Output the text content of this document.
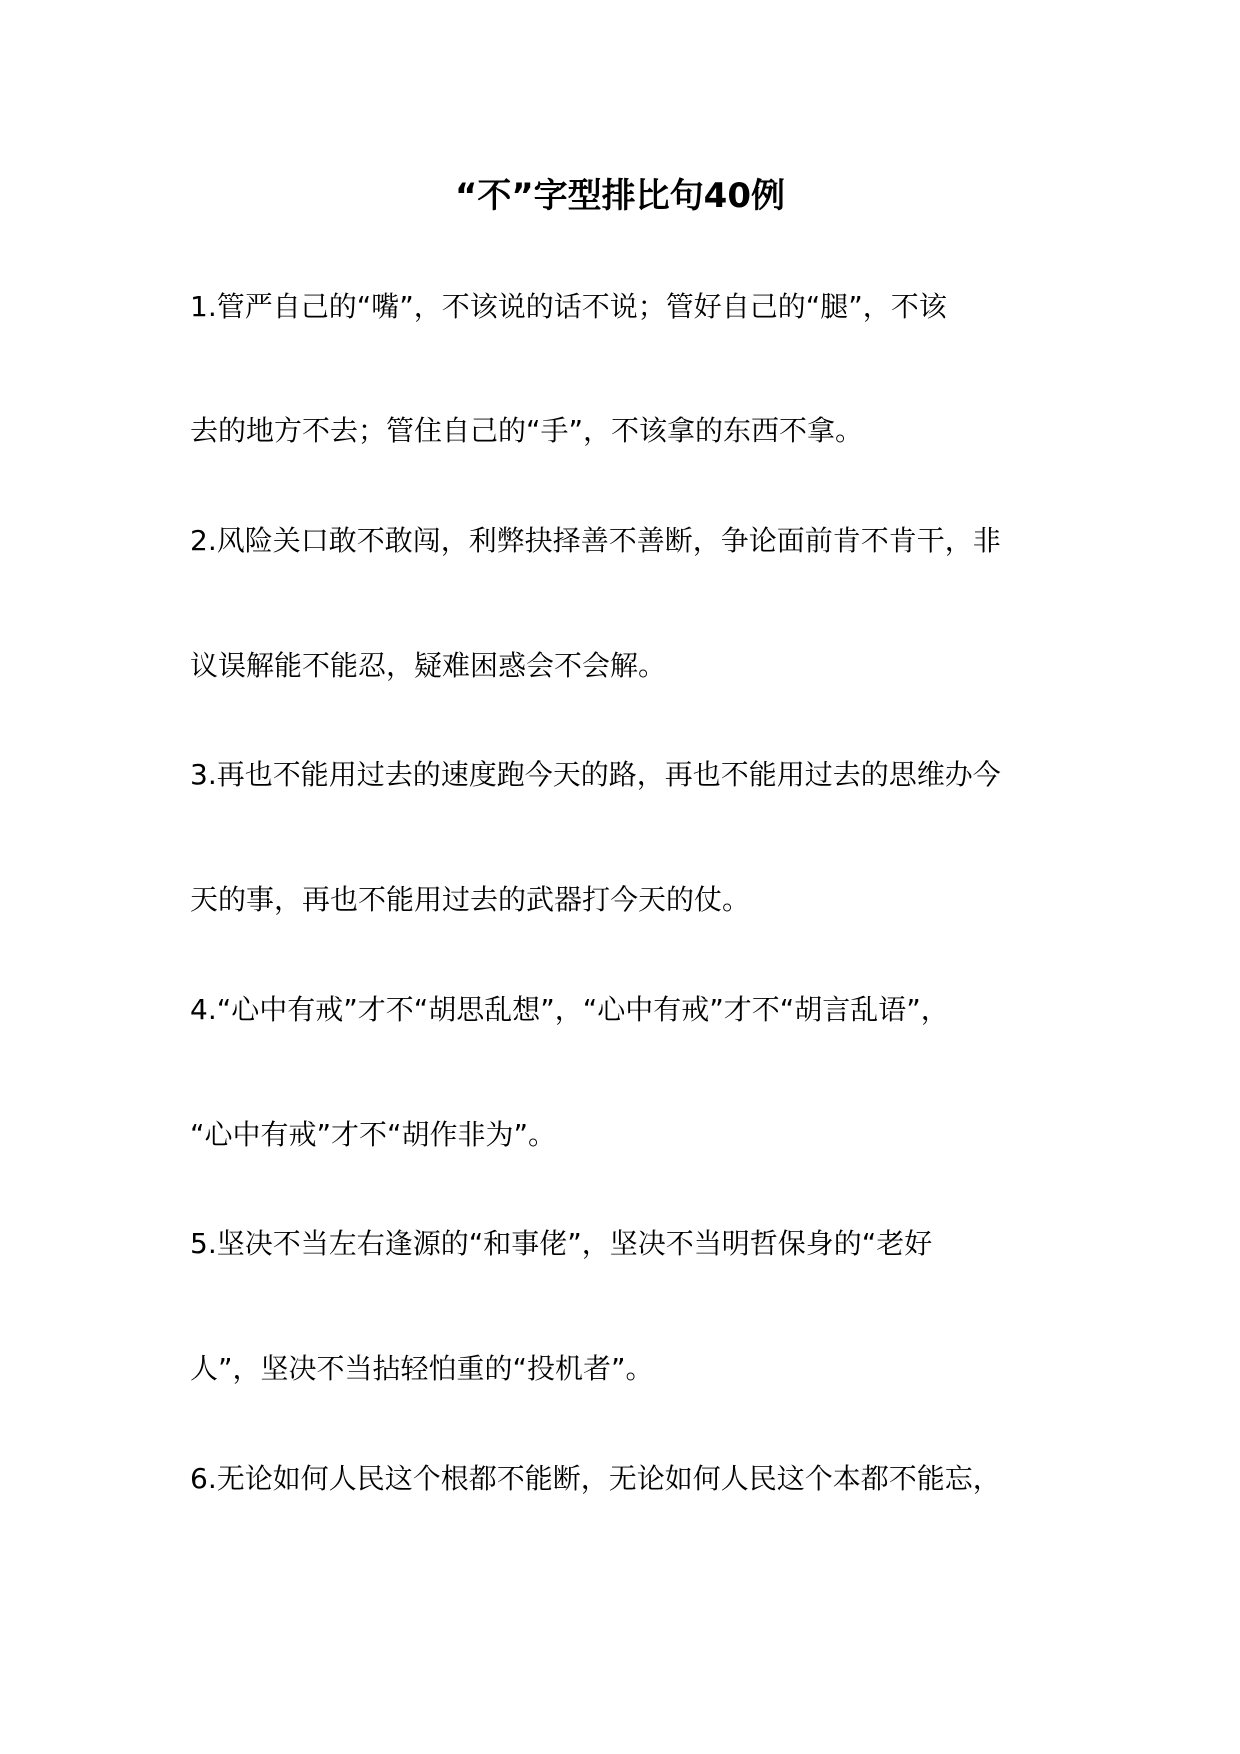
“不”字型排比句40例
1.管严自己的“嘴”，不该说的话不说；管好自己的“腿”，不该
去的地方不去；管住自己的“手”，不该拿的东西不拿。
2.风险关口敢不敢闯，利弊抉择善不善断，争论面前肯不肯干，非
议误解能不能忍，疑难困惑会不会解。
3.再也不能用过去的速度跑今天的路，再也不能用过去的思维办今
天的事，再也不能用过去的武器打今天的仗。
4.“心中有戒”才不“胡思乱想”，“心中有戒”才不“胡言乱语”，
“心中有戒”才不“胡作非为”。
5.坚决不当左右逢源的“和事佬”，坚决不当明哲保身的“老好
人”，坚决不当拈轻怕重的“投机者”。
6.无论如何人民这个根都不能断，无论如何人民这个本都不能忘，
